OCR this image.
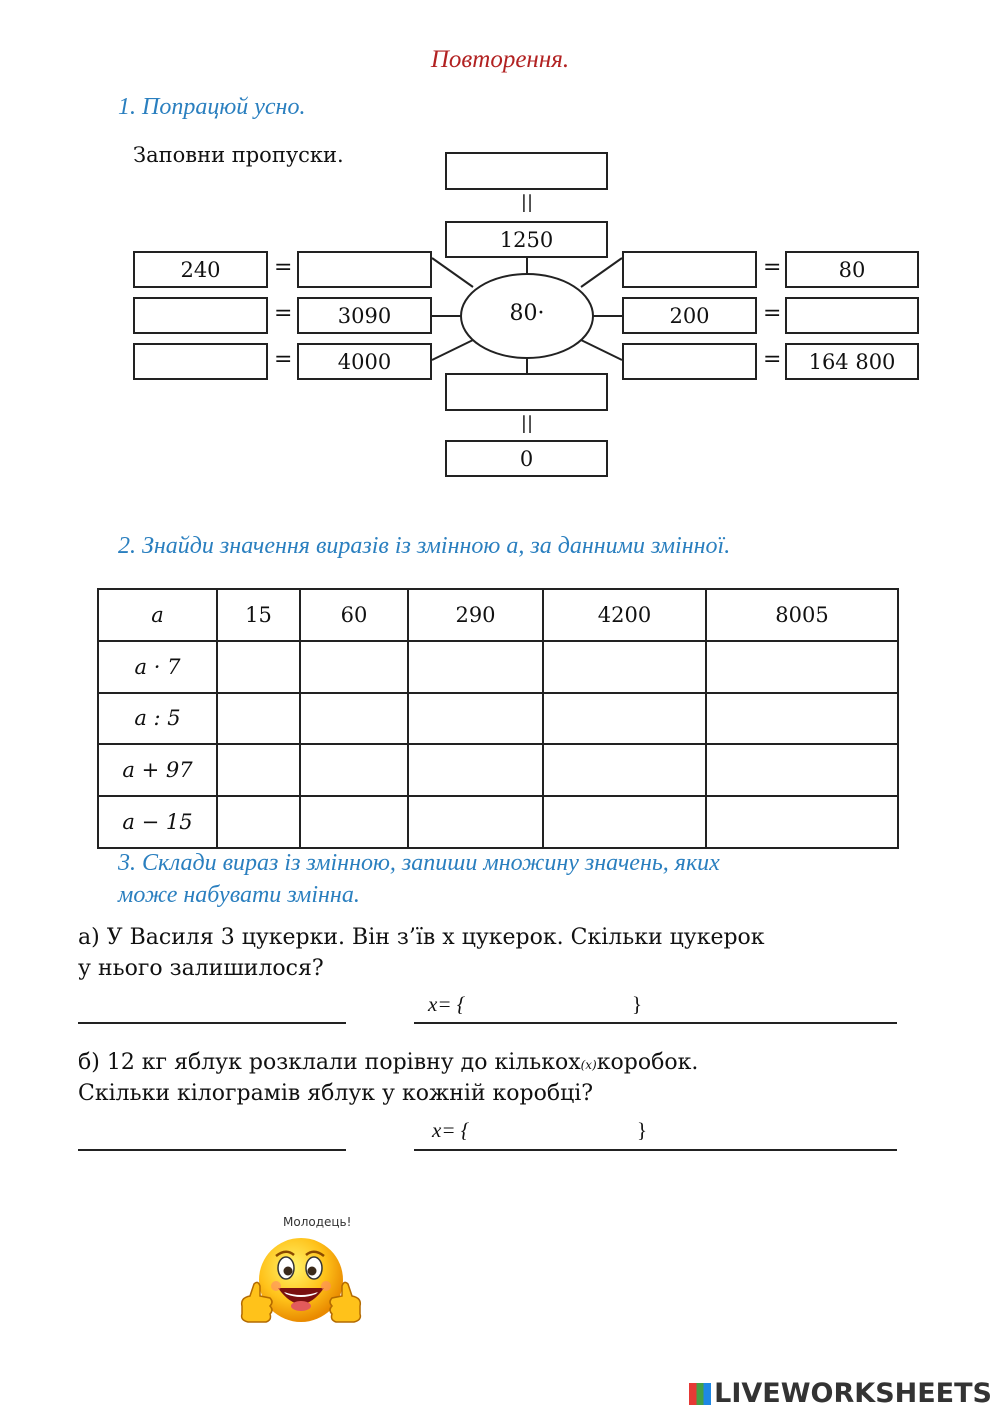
Повторення.
1. Попрацюй усно.
Заповни пропуски.
80·
||
1250
||
0
240	=
=	3090
=	4000
=	80
200	=
=	164 800
2. Знайди значення виразів із змінною а, за данними змінної.
a	15	60	290	4200	8005
a · 7					
a : 5					
a + 97					
a − 15					
3. Склади вираз із змінною, запиши множину значень, яких
може набувати змінна.
а) У Василя 3 цукерки. Він з’їв x цукерок. Скільки цукерок
у нього залишилося?
x= {	}
б) 12 кг яблук розклали порівну до кількох(x)коробок.
Скільки кілограмів яблук у кожній коробці?
x= {	}
Молодець!
LIVEWORKSHEETS
